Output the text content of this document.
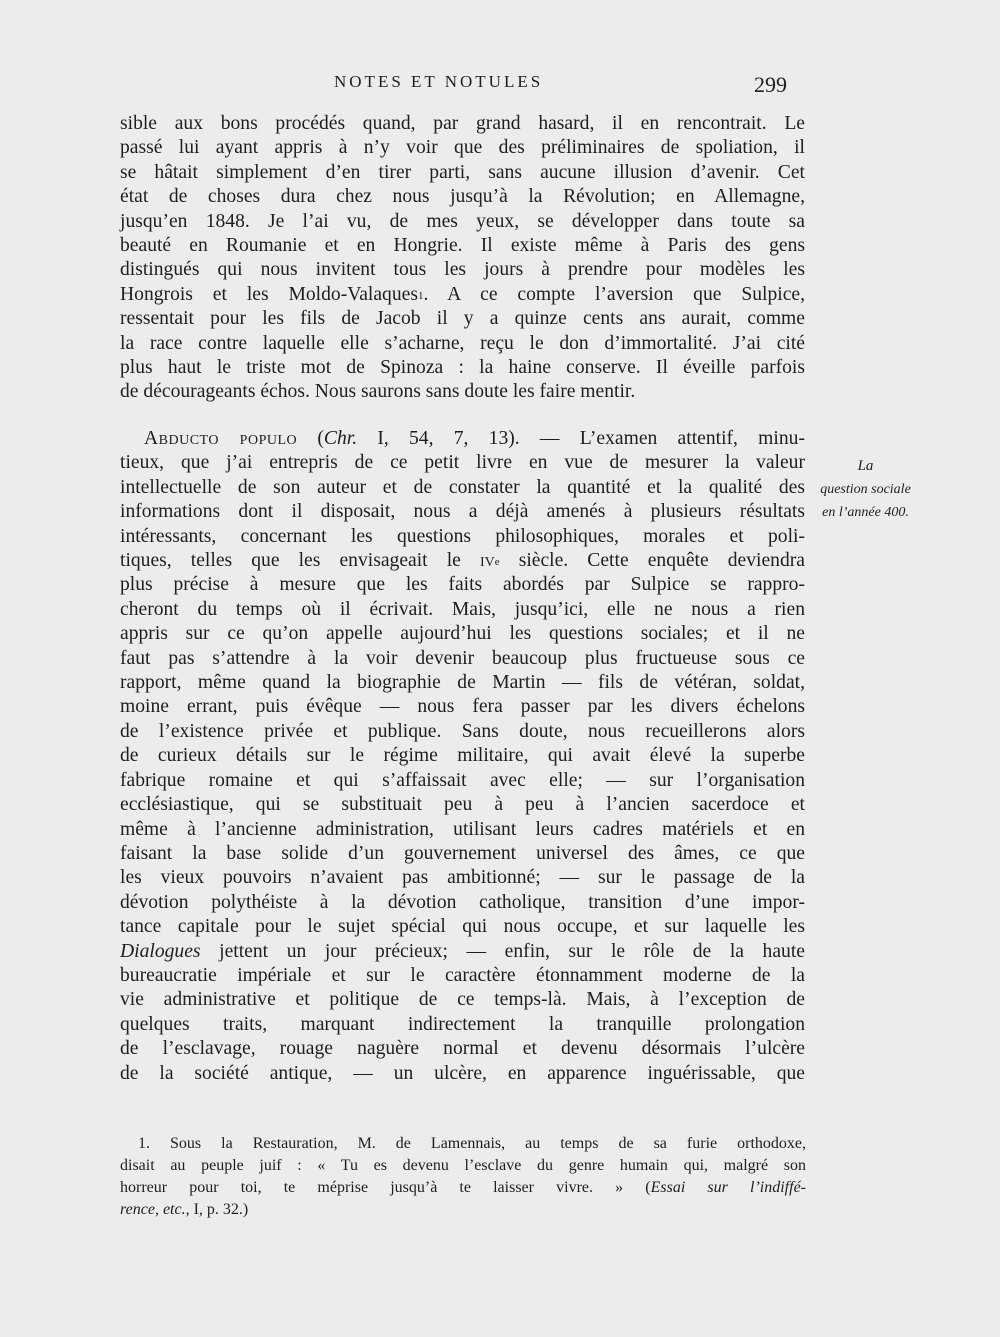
NOTES ET NOTULES	299
sible aux bons procédés quand, par grand hasard, il en rencontrait. Le
passé lui ayant appris à n’y voir que des préliminaires de spoliation, il
se hâtait simplement d’en tirer parti, sans aucune illusion d’avenir. Cet
état de choses dura chez nous jusqu’à la Révolution; en Allemagne,
jusqu’en 1848. Je l’ai vu, de mes yeux, se développer dans toute sa
beauté en Roumanie et en Hongrie. Il existe même à Paris des gens
distingués qui nous invitent tous les jours à prendre pour modèles les
Hongrois et les Moldo-Valaques$^1$. A ce compte l’aversion que Sulpice,
ressentait pour les fils de Jacob il y a quinze cents ans aurait, comme
la race contre laquelle elle s’acharne, reçu le don d’immortalité. J’ai cité
plus haut le triste mot de Spinoza : la haine conserve. Il éveille parfois
de décourageants échos. Nous saurons sans doute les faire mentir.
Abducto populo (Chr. I, 54, 7, 13). — L’examen attentif, minu-
tieux, que j’ai entrepris de ce petit livre en vue de mesurer la valeur
intellectuelle de son auteur et de constater la quantité et la qualité des
informations dont il disposait, nous a déjà amenés à plusieurs résultats
intéressants, concernant les questions philosophiques, morales et poli-
tiques, telles que les envisageait le $iv^e$ siècle. Cette enquête deviendra
plus précise à mesure que les faits abordés par Sulpice se rappro-
cheront du temps où il écrivait. Mais, jusqu’ici, elle ne nous a rien
appris sur ce qu’on appelle aujourd’hui les questions sociales; et il ne
faut pas s’attendre à la voir devenir beaucoup plus fructueuse sous ce
rapport, même quand la biographie de Martin — fils de vétéran, soldat,
moine errant, puis évêque — nous fera passer par les divers échelons
de l’existence privée et publique. Sans doute, nous recueillerons alors
de curieux détails sur le régime militaire, qui avait élevé la superbe
fabrique romaine et qui s’affaissait avec elle; — sur l’organisation
ecclésiastique, qui se substituait peu à peu à l’ancien sacerdoce et
même à l’ancienne administration, utilisant leurs cadres matériels et en
faisant la base solide d’un gouvernement universel des âmes, ce que
les vieux pouvoirs n’avaient pas ambitionné; — sur le passage de la
dévotion polythéiste à la dévotion catholique, transition d’une impor-
tance capitale pour le sujet spécial qui nous occupe, et sur laquelle les
Dialogues jettent un jour précieux; — enfin, sur le rôle de la haute
bureaucratie impériale et sur le caractère étonnamment moderne de la
vie administrative et politique de ce temps-là. Mais, à l’exception de
quelques traits, marquant indirectement la tranquille prolongation
de l’esclavage, rouage naguère normal et devenu désormais l’ulcère
de la société antique, — un ulcère, en apparence inguérissable, que
La
question sociale
en l’année 400.
1. Sous la Restauration, M. de Lamennais, au temps de sa furie orthodoxe,
disait au peuple juif : « Tu es devenu l’esclave du genre humain qui, malgré son
horreur pour toi, te méprise jusqu’à te laisser vivre. » (Essai sur l’indiffé-
rence, etc., I, p. 32.)
